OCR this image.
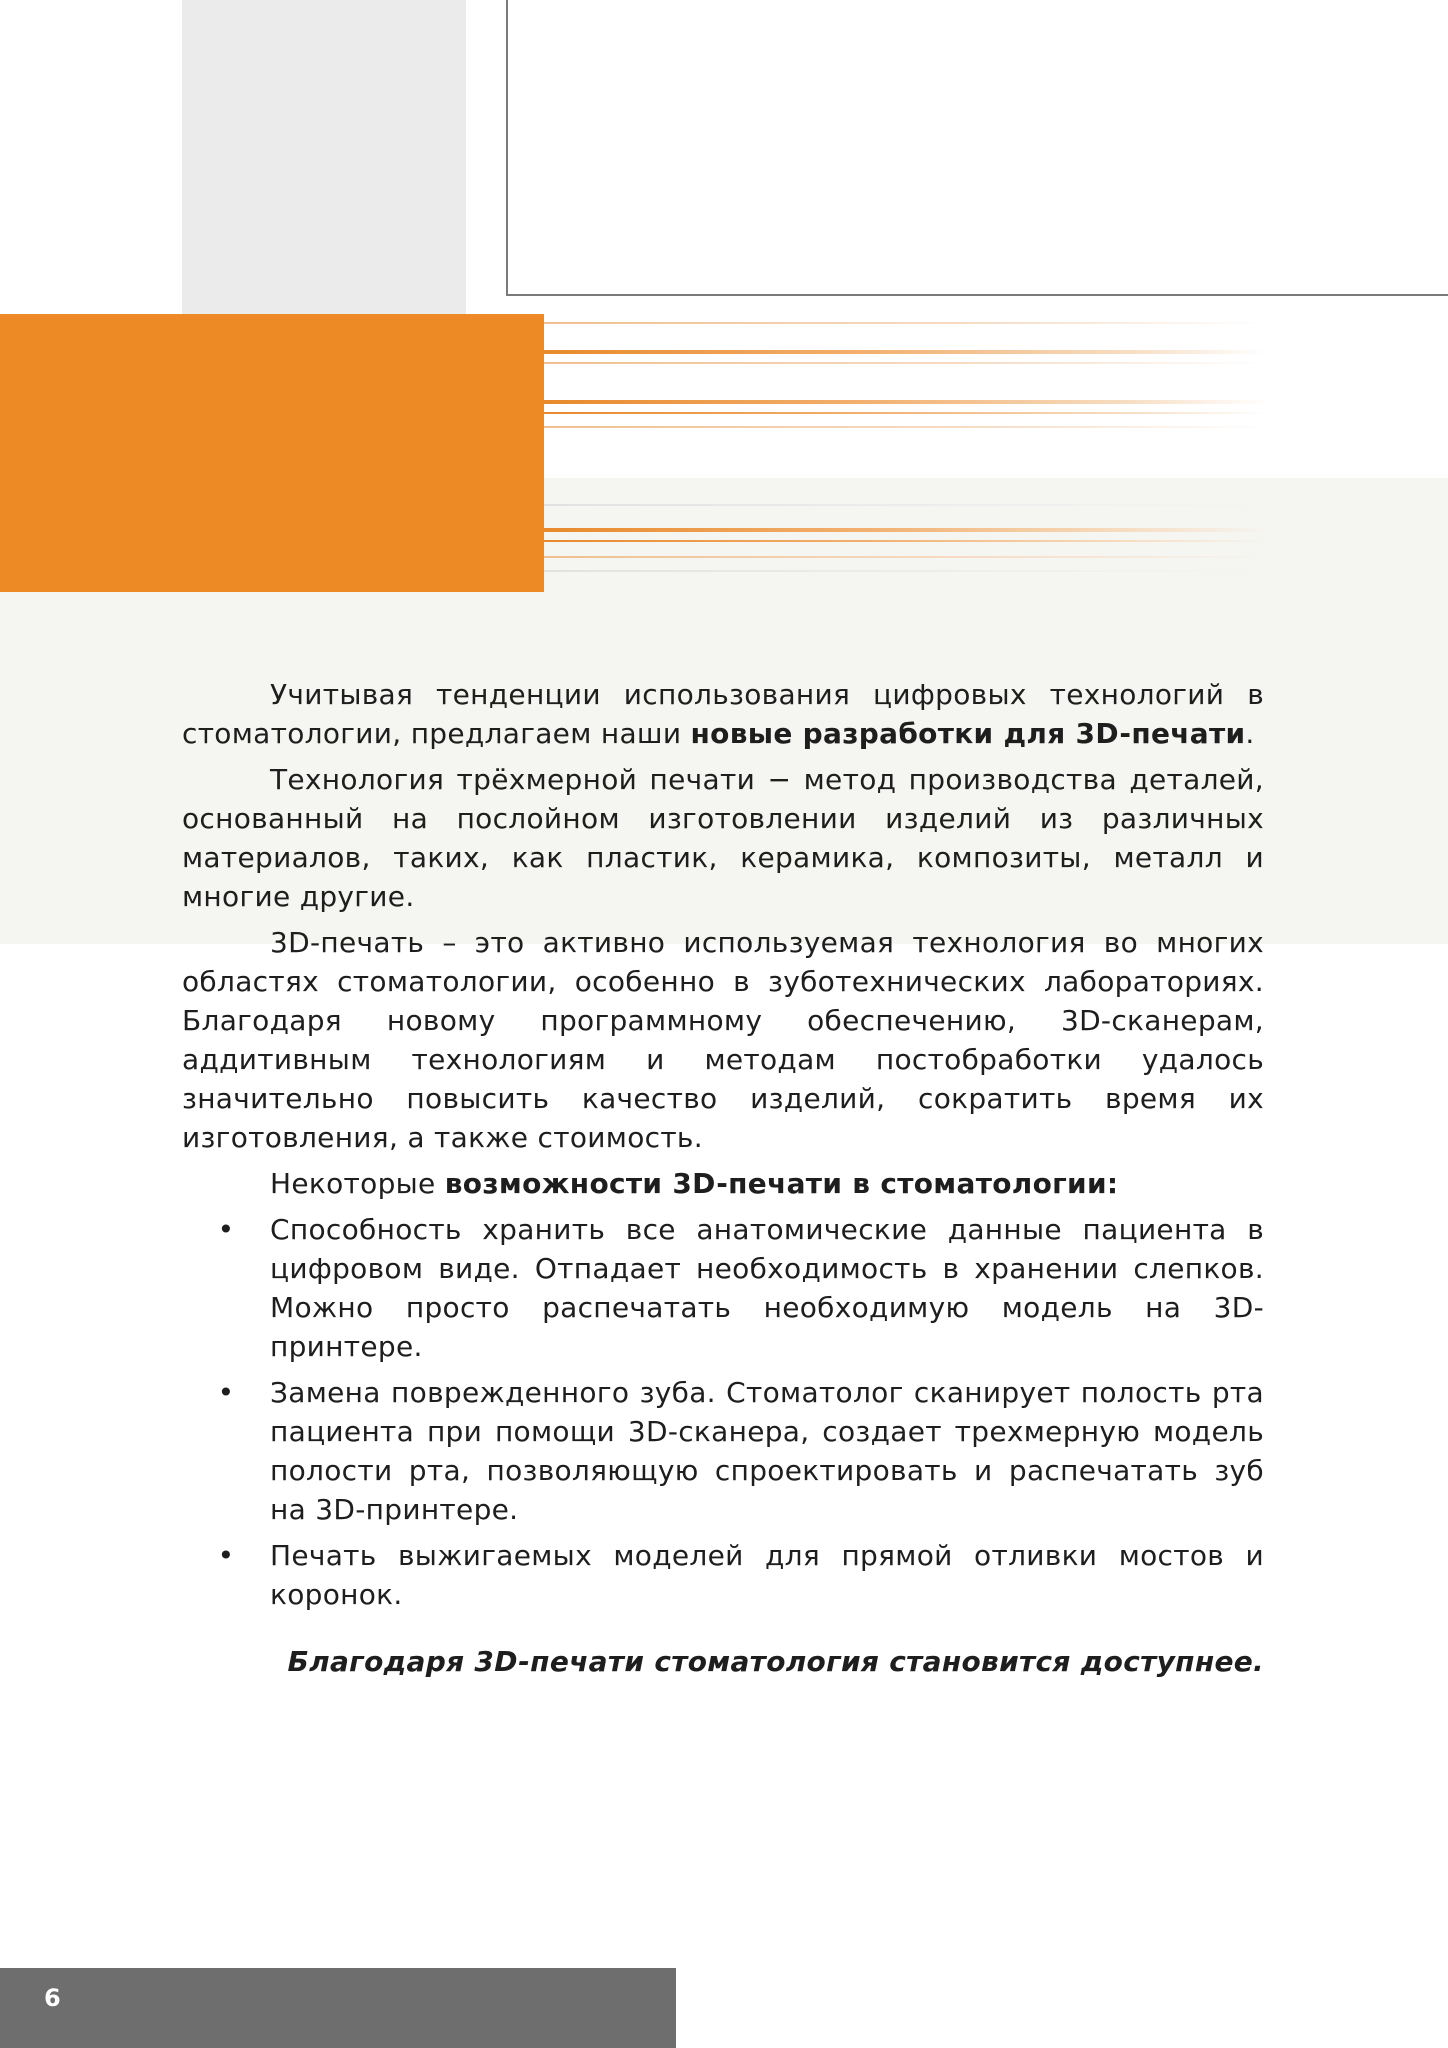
Учитывая тенденции использования цифровых технологий в стоматологии, предлагаем наши новые разработки для 3D-печати.

Технология трёхмерной печати − метод производства деталей, основанный на послойном изготовлении изделий из различных материалов, таких, как пластик, керамика, композиты, металл и многие другие.

3D-печать – это активно используемая технология во многих областях стоматологии, особенно в зуботехнических лабораториях. Благодаря новому программному обеспечению, 3D-сканерам, аддитивным технологиям и методам постобработки удалось значительно повысить качество изделий, сократить время их изготовления, а также стоимость.

Некоторые возможности 3D-печати в стоматологии:

• Способность хранить все анатомические данные пациента в цифровом виде. Отпадает необходимость в хранении слепков. Можно просто распечатать необходимую модель на 3D-принтере.
• Замена поврежденного зуба. Стоматолог сканирует полость рта пациента при помощи 3D-сканера, создает трехмерную модель полости рта, позволяющую спроектировать и распечатать зуб на 3D-принтере.
• Печать выжигаемых моделей для прямой отливки мостов и коронок.

Благодаря 3D-печати стоматология становится доступнее.

6
